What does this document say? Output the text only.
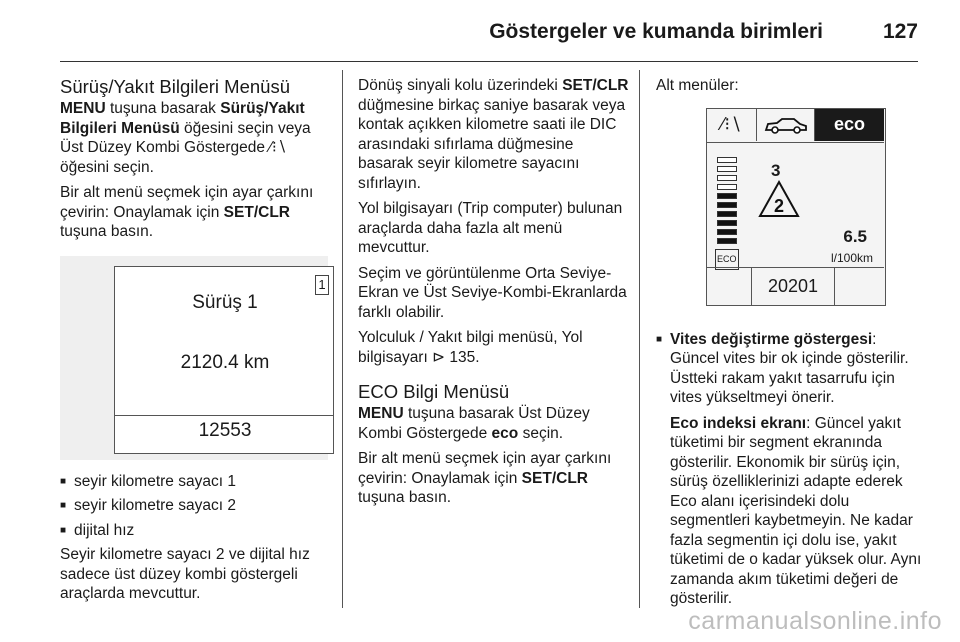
Göstergeler ve kumanda birimleri	127
Sürüş/Yakıt Bilgileri Menüsü

MENU tuşuna basarak Sürüş/Yakıt Bilgileri Menüsü öğesini seçin veya Üst Düzey Kombi Göstergede ⁄⁝∖ öğesini seçin.

Bir alt menü seçmek için ayar çarkını çevirin: Onaylamak için SET/CLR tuşuna basın.

1
Sürüş 1
2120.4 km
12553
■ seyir kilometre sayacı 1
■ seyir kilometre sayacı 2
■ dijital hız

Seyir kilometre sayacı 2 ve dijital hız sadece üst düzey kombi göstergeli araçlarda mevcuttur.

Dönüş sinyali kolu üzerindeki SET/CLR düğmesine birkaç saniye basarak veya kontak açıkken kilometre saati ile DIC arasındaki sıfırlama düğmesine basarak seyir kilometre sayacını sıfırlayın.

Yol bilgisayarı (Trip computer) bulunan araçlarda daha fazla alt menü mevcuttur.

Seçim ve görüntülenme Orta Seviye-Ekran ve Üst Seviye-Kombi-Ekranlarda farklı olabilir.

Yolculuk / Yakıt bilgi menüsü, Yol bilgisayarı ⊳ 135.

ECO Bilgi Menüsü

MENU tuşuna basarak Üst Düzey Kombi Göstergede eco seçin.

Bir alt menü seçmek için ayar çarkını çevirin: Onaylamak için SET/CLR tuşuna basın.

Alt menüler:

⁄⁝∖	eco
ECO
3
2
6.5
l/100km
20201

■ Vites değiştirme göstergesi: Güncel vites bir ok içinde gösterilir. Üstteki rakam yakıt tasarrufu için vites yükseltmeyi önerir.

Eco indeksi ekranı: Güncel yakıt tüketimi bir segment ekranında gösterilir. Ekonomik bir sürüş için, sürüş özelliklerinizi adapte ederek Eco alanı içerisindeki dolu segmentleri kaybetmeyin. Ne kadar fazla segmentin içi dolu ise, yakıt tüketimi de o kadar yüksek olur. Aynı zamanda akım tüketimi değeri de gösterilir.

carmanualsonline.info
